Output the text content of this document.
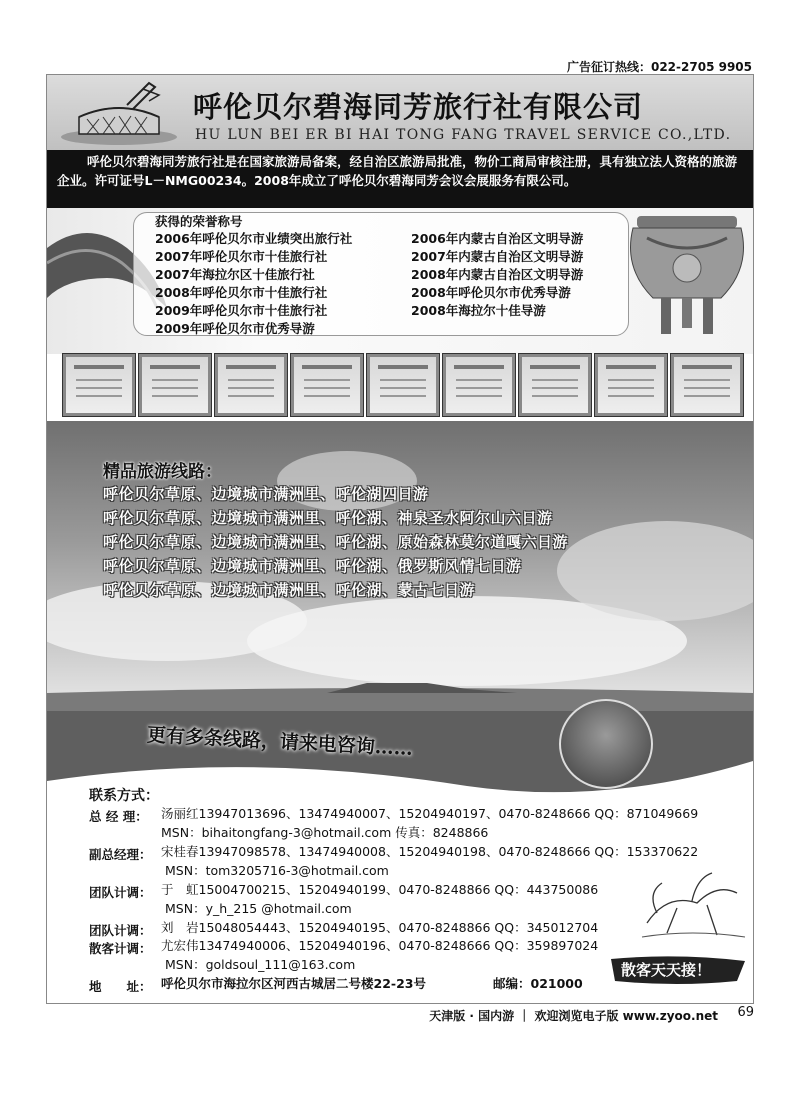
广告征订热线：022-2705 9905
呼伦贝尔碧海同芳旅行社有限公司
HU LUN BEI ER BI HAI TONG FANG TRAVEL SERVICE CO.,LTD.

呼伦贝尔碧海同芳旅行社是在国家旅游局备案，经自治区旅游局批准，物价工商局审核注册，具有独立法人资格的旅游企业。许可证号L－NMG00234。2008年成立了呼伦贝尔碧海同芳会议会展服务有限公司。

获得的荣誉称号
2006年呼伦贝尔市业绩突出旅行社
2007年呼伦贝尔市十佳旅行社
2007年海拉尔区十佳旅行社
2008年呼伦贝尔市十佳旅行社
2009年呼伦贝尔市十佳旅行社
2009年呼伦贝尔市优秀导游
2006年内蒙古自治区文明导游
2007年内蒙古自治区文明导游
2008年内蒙古自治区文明导游
2008年呼伦贝尔市优秀导游
2008年海拉尔十佳导游
精品旅游线路：
呼伦贝尔草原、边境城市满洲里、呼伦湖四日游
呼伦贝尔草原、边境城市满洲里、呼伦湖、神泉圣水阿尔山六日游
呼伦贝尔草原、边境城市满洲里、呼伦湖、原始森林莫尔道嘎六日游
呼伦贝尔草原、边境城市满洲里、呼伦湖、俄罗斯风情七日游
呼伦贝尔草原、边境城市满洲里、呼伦湖、蒙古七日游
更有多条线路，请来电咨询……
联系方式：
总 经 理： 汤丽红13947013696、13474940007、15204940197、0470-8248666 QQ：871049669
MSN：bihaitongfang-3@hotmail.com 传真：8248866
副总经理： 宋桂春13947098578、13474940008、15204940198、0470-8248666 QQ：153370622
MSN：tom3205716-3@hotmail.com
团队计调： 于　虹15004700215、15204940199、0470-8248866 QQ：443750086
MSN：y_h_215 @hotmail.com
团队计调： 刘　岩15048054443、15204940195、0470-8248866 QQ：345012704
散客计调： 尤宏伟13474940006、15204940196、0470-8248666 QQ：359897024
MSN：goldsoul_111@163.com
地　　址： 呼伦贝尔市海拉尔区河西古城居二号楼22-23号	邮编：021000
散客天天接！
天津版 · 国内游 ｜ 欢迎浏览电子版 www.zyoo.net 69
